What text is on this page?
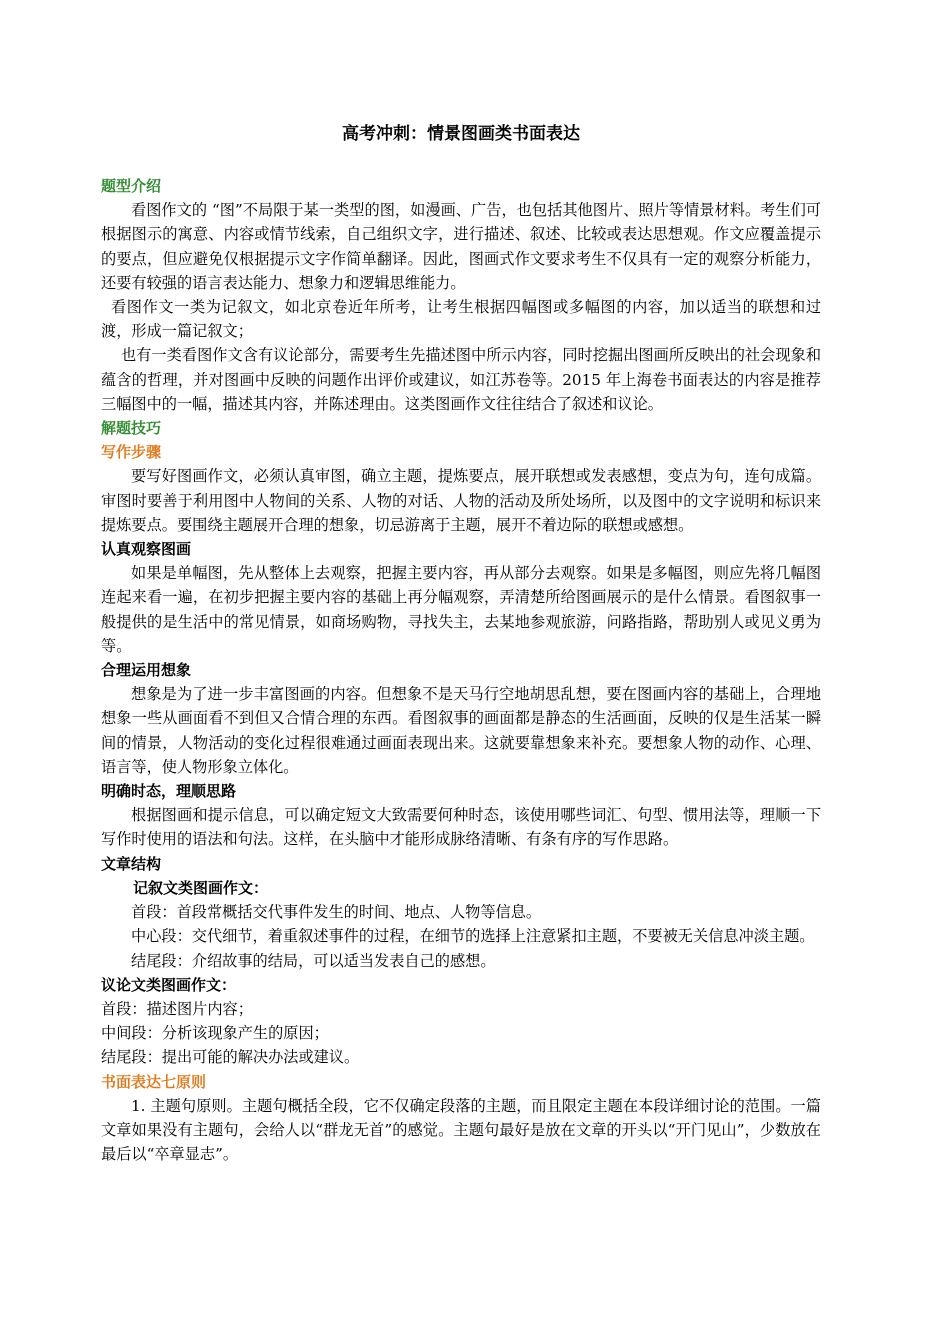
高考冲刺：情景图画类书面表达
题型介绍

看图作文的 “图”不局限于某一类型的图，如漫画、广告，也包括其他图片、照片等情景材料。考生们可根据图示的寓意、内容或情节线索，自己组织文字，进行描述、叙述、比较或表达思想观。作文应覆盖提示的要点，但应避免仅根据提示文字作简单翻译。因此，图画式作文要求考生不仅具有一定的观察分析能力，还要有较强的语言表达能力、想象力和逻辑思维能力。

看图作文一类为记叙文，如北京卷近年所考，让考生根据四幅图或多幅图的内容，加以适当的联想和过渡，形成一篇记叙文；

也有一类看图作文含有议论部分，需要考生先描述图中所示内容，同时挖掘出图画所反映出的社会现象和蕴含的哲理，并对图画中反映的问题作出评价或建议，如江苏卷等。2015 年上海卷书面表达的内容是推荐三幅图中的一幅，描述其内容，并陈述理由。这类图画作文往往结合了叙述和议论。

解题技巧
写作步骤

要写好图画作文，必须认真审图，确立主题，提炼要点，展开联想或发表感想，变点为句，连句成篇。审图时要善于利用图中人物间的关系、人物的对话、人物的活动及所处场所，以及图中的文字说明和标识来提炼要点。要围绕主题展开合理的想象，切忌游离于主题，展开不着边际的联想或感想。

认真观察图画

如果是单幅图，先从整体上去观察，把握主要内容，再从部分去观察。如果是多幅图，则应先将几幅图连起来看一遍，在初步把握主要内容的基础上再分幅观察，弄清楚所给图画展示的是什么情景。看图叙事一般提供的是生活中的常见情景，如商场购物，寻找失主，去某地参观旅游，问路指路，帮助别人或见义勇为等。

合理运用想象

想象是为了进一步丰富图画的内容。但想象不是天马行空地胡思乱想，要在图画内容的基础上，合理地想象一些从画面看不到但又合情合理的东西。看图叙事的画面都是静态的生活画面，反映的仅是生活某一瞬间的情景，人物活动的变化过程很难通过画面表现出来。这就要靠想象来补充。要想象人物的动作、心理、语言等，使人物形象立体化。

明确时态，理顺思路

根据图画和提示信息，可以确定短文大致需要何种时态，该使用哪些词汇、句型、惯用法等，理顺一下写作时使用的语法和句法。这样，在头脑中才能形成脉络清晰、有条有序的写作思路。

文章结构
记叙文类图画作文：

首段：首段常概括交代事件发生的时间、地点、人物等信息。

中心段：交代细节，着重叙述事件的过程，在细节的选择上注意紧扣主题，不要被无关信息冲淡主题。

结尾段：介绍故事的结局，可以适当发表自己的感想。

议论文类图画作文：

首段：描述图片内容；

中间段：分析该现象产生的原因；

结尾段：提出可能的解决办法或建议。

书面表达七原则

1. 主题句原则。主题句概括全段，它不仅确定段落的主题，而且限定主题在本段详细讨论的范围。一篇文章如果没有主题句，会给人以“群龙无首”的感觉。主题句最好是放在文章的开头以“开门见山”，少数放在最后以“卒章显志”。
